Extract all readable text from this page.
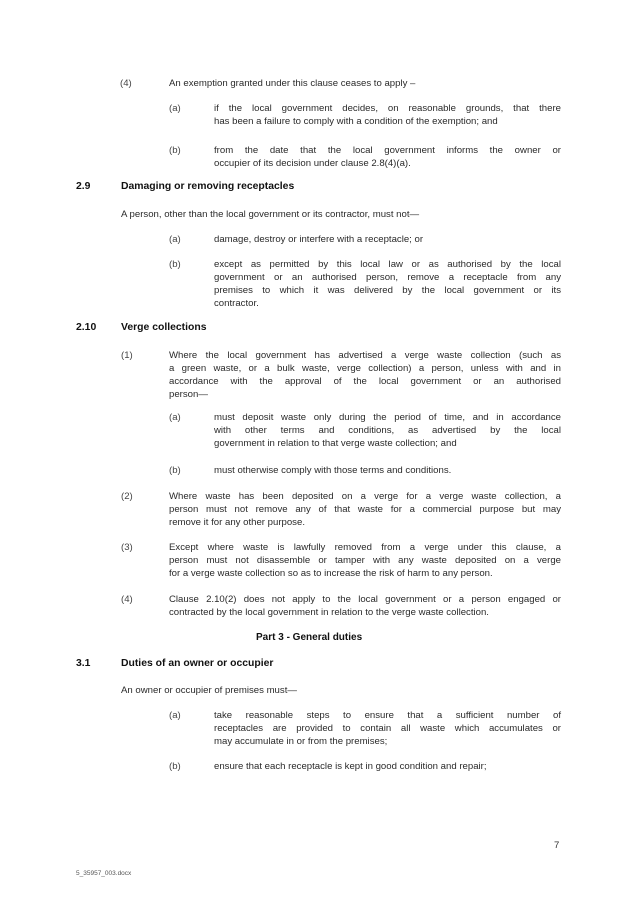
(4)	An exemption granted under this clause ceases to apply –
(a)	if the local government decides, on reasonable grounds, that there
has been a failure to comply with a condition of the exemption; and
(b)	from the date that the local government informs the owner or
occupier of its decision under clause 2.8(4)(a).
2.9	Damaging or removing receptacles
A person, other than the local government or its contractor, must not—
(a)	damage, destroy or interfere with a receptacle; or
(b)	except as permitted by this local law or as authorised by the local
government or an authorised person, remove a receptacle from any
premises to which it was delivered by the local government or its
contractor.
2.10 Verge collections
(1)	Where the local government has advertised a verge waste collection (such as
a green waste, or a bulk waste, verge collection) a person, unless with and in
accordance with the approval of the local government or an authorised
person—
(a)	must deposit waste only during the period of time, and in accordance
with other terms and conditions, as advertised by the local
government in relation to that verge waste collection; and
(b)	must otherwise comply with those terms and conditions.
(2)	Where waste has been deposited on a verge for a verge waste collection, a
person must not remove any of that waste for a commercial purpose but may
remove it for any other purpose.
(3)	Except where waste is lawfully removed from a verge under this clause, a
person must not disassemble or tamper with any waste deposited on a verge
for a verge waste collection so as to increase the risk of harm to any person.
(4)	Clause 2.10(2) does not apply to the local government or a person engaged or
contracted by the local government in relation to the verge waste collection.
Part 3 - General duties
3.1	Duties of an owner or occupier
An owner or occupier of premises must—
(a)	take reasonable steps to ensure that a sufficient number of
receptacles are provided to contain all waste which accumulates or
may accumulate in or from the premises;
(b)	ensure that each receptacle is kept in good condition and repair;
7
5_35957_003.docx
